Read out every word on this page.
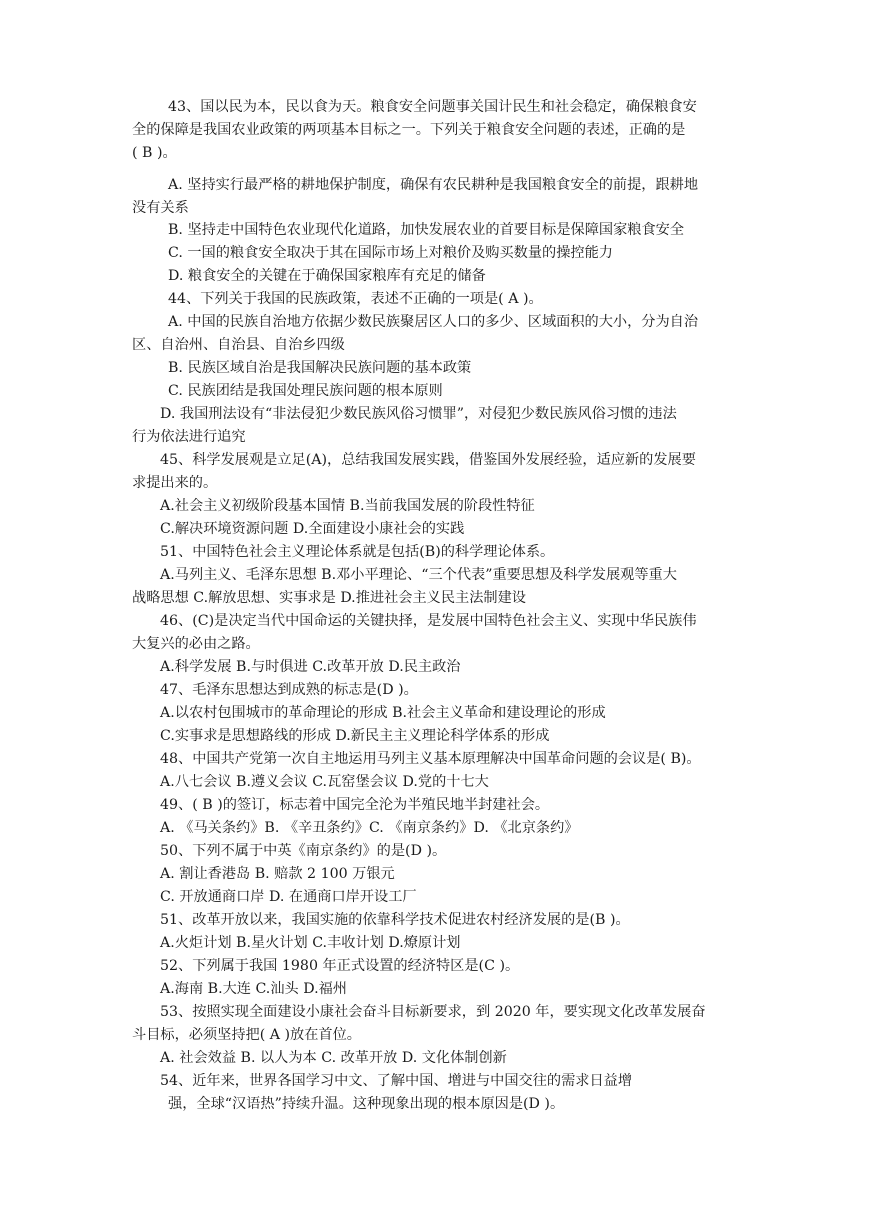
43、国以民为本，民以食为天。粮食安全问题事关国计民生和社会稳定，确保粮食安
全的保障是我国农业政策的两项基本目标之一。下列关于粮食安全问题的表述，正确的是
( B )。
A. 坚持实行最严格的耕地保护制度，确保有农民耕种是我国粮食安全的前提，跟耕地
没有关系
B. 坚持走中国特色农业现代化道路，加快发展农业的首要目标是保障国家粮食安全
C. 一国的粮食安全取决于其在国际市场上对粮价及购买数量的操控能力
D. 粮食安全的关键在于确保国家粮库有充足的储备
44、下列关于我国的民族政策，表述不正确的一项是( A )。
A. 中国的民族自治地方依据少数民族聚居区人口的多少、区域面积的大小，分为自治
区、自治州、自治县、自治乡四级
B. 民族区域自治是我国解决民族问题的基本政策
C. 民族团结是我国处理民族问题的根本原则
D. 我国刑法设有“非法侵犯少数民族风俗习惯罪”，对侵犯少数民族风俗习惯的违法
行为依法进行追究
45、科学发展观是立足(A)，总结我国发展实践，借鉴国外发展经验，适应新的发展要
求提出来的。
A.社会主义初级阶段基本国情 B.当前我国发展的阶段性特征
C.解决环境资源问题 D.全面建设小康社会的实践
51、中国特色社会主义理论体系就是包括(B)的科学理论体系。
A.马列主义、毛泽东思想 B.邓小平理论、“三个代表”重要思想及科学发展观等重大
战略思想 C.解放思想、实事求是 D.推进社会主义民主法制建设
46、(C)是决定当代中国命运的关键抉择，是发展中国特色社会主义、实现中华民族伟
大复兴的必由之路。
A.科学发展 B.与时俱进 C.改革开放 D.民主政治
47、毛泽东思想达到成熟的标志是(D )。
A.以农村包围城市的革命理论的形成 B.社会主义革命和建设理论的形成
C.实事求是思想路线的形成 D.新民主主义理论科学体系的形成
48、中国共产党第一次自主地运用马列主义基本原理解决中国革命问题的会议是( B)。
A.八七会议 B.遵义会议 C.瓦窑堡会议 D.党的十七大
49、( B )的签订，标志着中国完全沦为半殖民地半封建社会。
A. 《马关条约》B. 《辛丑条约》C. 《南京条约》D. 《北京条约》
50、下列不属于中英《南京条约》的是(D )。
A. 割让香港岛 B. 赔款 2 100 万银元
C. 开放通商口岸 D. 在通商口岸开设工厂
51、改革开放以来，我国实施的依靠科学技术促进农村经济发展的是(B )。
A.火炬计划 B.星火计划 C.丰收计划 D.燎原计划
52、下列属于我国 1980 年正式设置的经济特区是(C )。
A.海南 B.大连 C.汕头 D.福州
53、按照实现全面建设小康社会奋斗目标新要求，到 2020 年，要实现文化改革发展奋
斗目标，必须坚持把( A )放在首位。
A. 社会效益 B. 以人为本 C. 改革开放 D. 文化体制创新
54、近年来，世界各国学习中文、了解中国、增进与中国交往的需求日益增
强，全球“汉语热”持续升温。这种现象出现的根本原因是(D )。
